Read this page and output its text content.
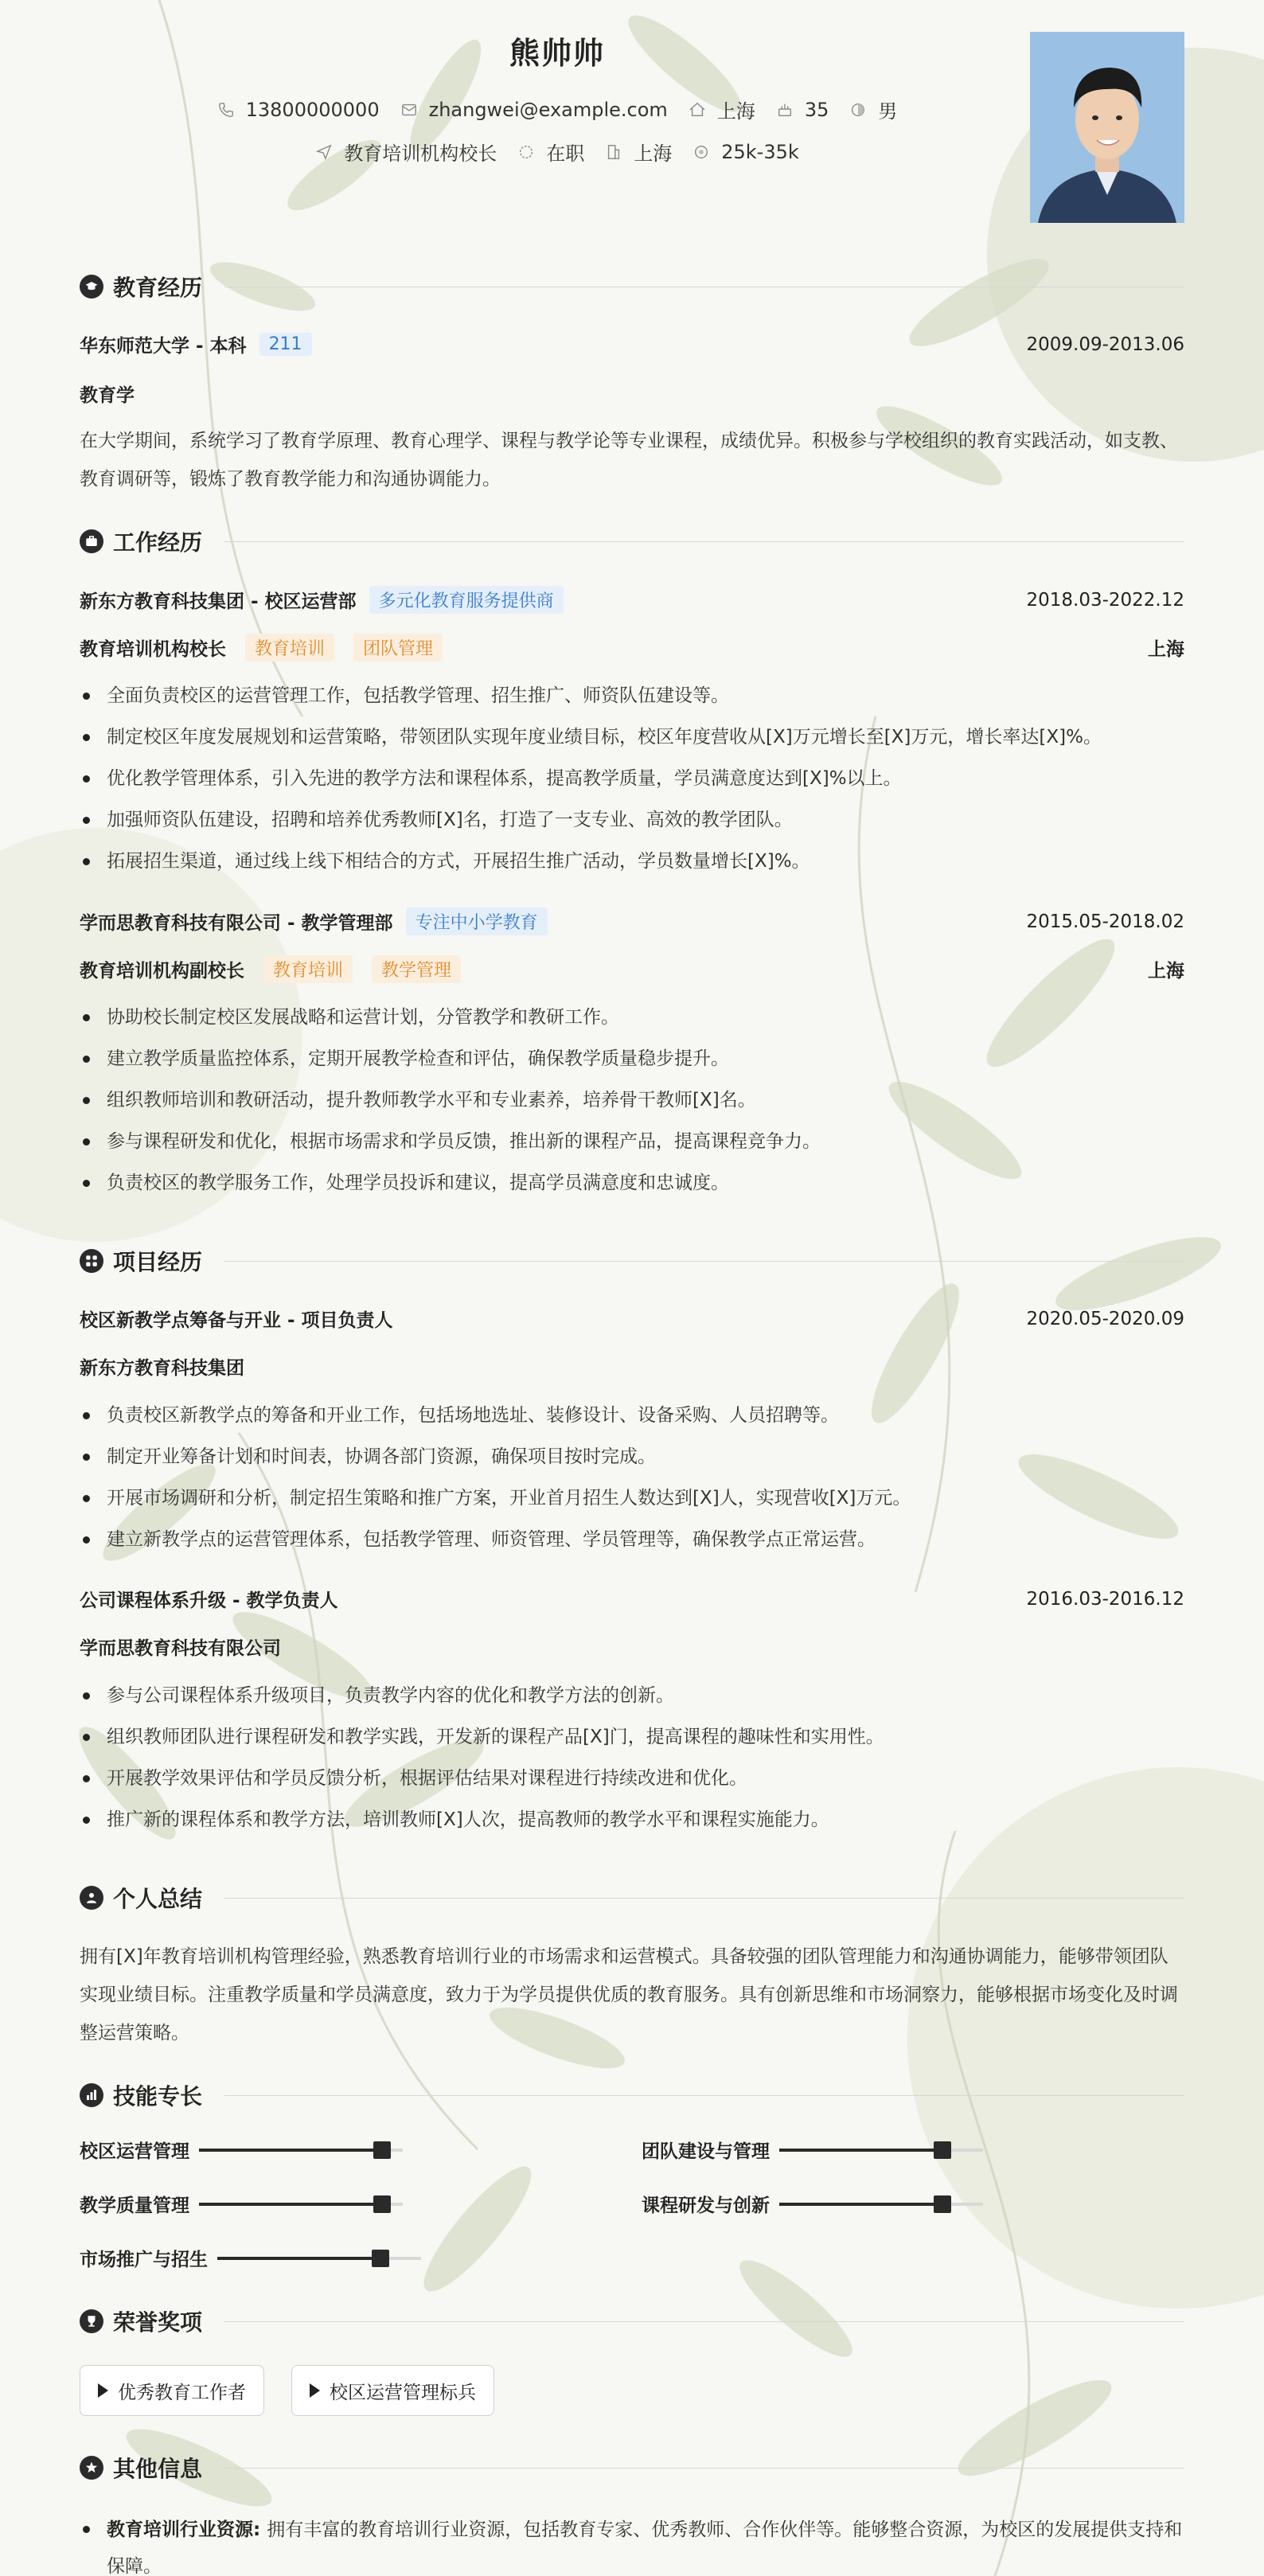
熊帅帅
13800000000	zhangwei@example.com	上海	35	男
教育培训机构校长	在职	上海	25k-35k
教育经历
华东师范大学 - 本科	211	2009.09-2013.06
教育学
在大学期间，系统学习了教育学原理、教育心理学、课程与教学论等专业课程，成绩优异。积极参与学校组织的教育实践活动，如支教、教育调研等，锻炼了教育教学能力和沟通协调能力。
工作经历
新东方教育科技集团 - 校区运营部	多元化教育服务提供商	2018.03-2022.12
教育培训机构校长	教育培训	团队管理	上海
全面负责校区的运营管理工作，包括教学管理、招生推广、师资队伍建设等。
制定校区年度发展规划和运营策略，带领团队实现年度业绩目标，校区年度营收从[X]万元增长至[X]万元，增长率达[X]%。
优化教学管理体系，引入先进的教学方法和课程体系，提高教学质量，学员满意度达到[X]%以上。
加强师资队伍建设，招聘和培养优秀教师[X]名，打造了一支专业、高效的教学团队。
拓展招生渠道，通过线上线下相结合的方式，开展招生推广活动，学员数量增长[X]%。
学而思教育科技有限公司 - 教学管理部	专注中小学教育	2015.05-2018.02
教育培训机构副校长	教育培训	教学管理	上海
协助校长制定校区发展战略和运营计划，分管教学和教研工作。
建立教学质量监控体系，定期开展教学检查和评估，确保教学质量稳步提升。
组织教师培训和教研活动，提升教师教学水平和专业素养，培养骨干教师[X]名。
参与课程研发和优化，根据市场需求和学员反馈，推出新的课程产品，提高课程竞争力。
负责校区的教学服务工作，处理学员投诉和建议，提高学员满意度和忠诚度。
项目经历
校区新教学点筹备与开业 - 项目负责人	2020.05-2020.09
新东方教育科技集团
负责校区新教学点的筹备和开业工作，包括场地选址、装修设计、设备采购、人员招聘等。
制定开业筹备计划和时间表，协调各部门资源，确保项目按时完成。
开展市场调研和分析，制定招生策略和推广方案，开业首月招生人数达到[X]人，实现营收[X]万元。
建立新教学点的运营管理体系，包括教学管理、师资管理、学员管理等，确保教学点正常运营。
公司课程体系升级 - 教学负责人	2016.03-2016.12
学而思教育科技有限公司
参与公司课程体系升级项目，负责教学内容的优化和教学方法的创新。
组织教师团队进行课程研发和教学实践，开发新的课程产品[X]门，提高课程的趣味性和实用性。
开展教学效果评估和学员反馈分析，根据评估结果对课程进行持续改进和优化。
推广新的课程体系和教学方法，培训教师[X]人次，提高教师的教学水平和课程实施能力。
个人总结
拥有[X]年教育培训机构管理经验，熟悉教育培训行业的市场需求和运营模式。具备较强的团队管理能力和沟通协调能力，能够带领团队实现业绩目标。注重教学质量和学员满意度，致力于为学员提供优质的教育服务。具有创新思维和市场洞察力，能够根据市场变化及时调整运营策略。
技能专长
校区运营管理	团队建设与管理
教学质量管理	课程研发与创新
市场推广与招生
荣誉奖项
优秀教育工作者	校区运营管理标兵
其他信息
教育培训行业资源: 拥有丰富的教育培训行业资源，包括教育专家、优秀教师、合作伙伴等。能够整合资源，为校区的发展提供支持和保障。
